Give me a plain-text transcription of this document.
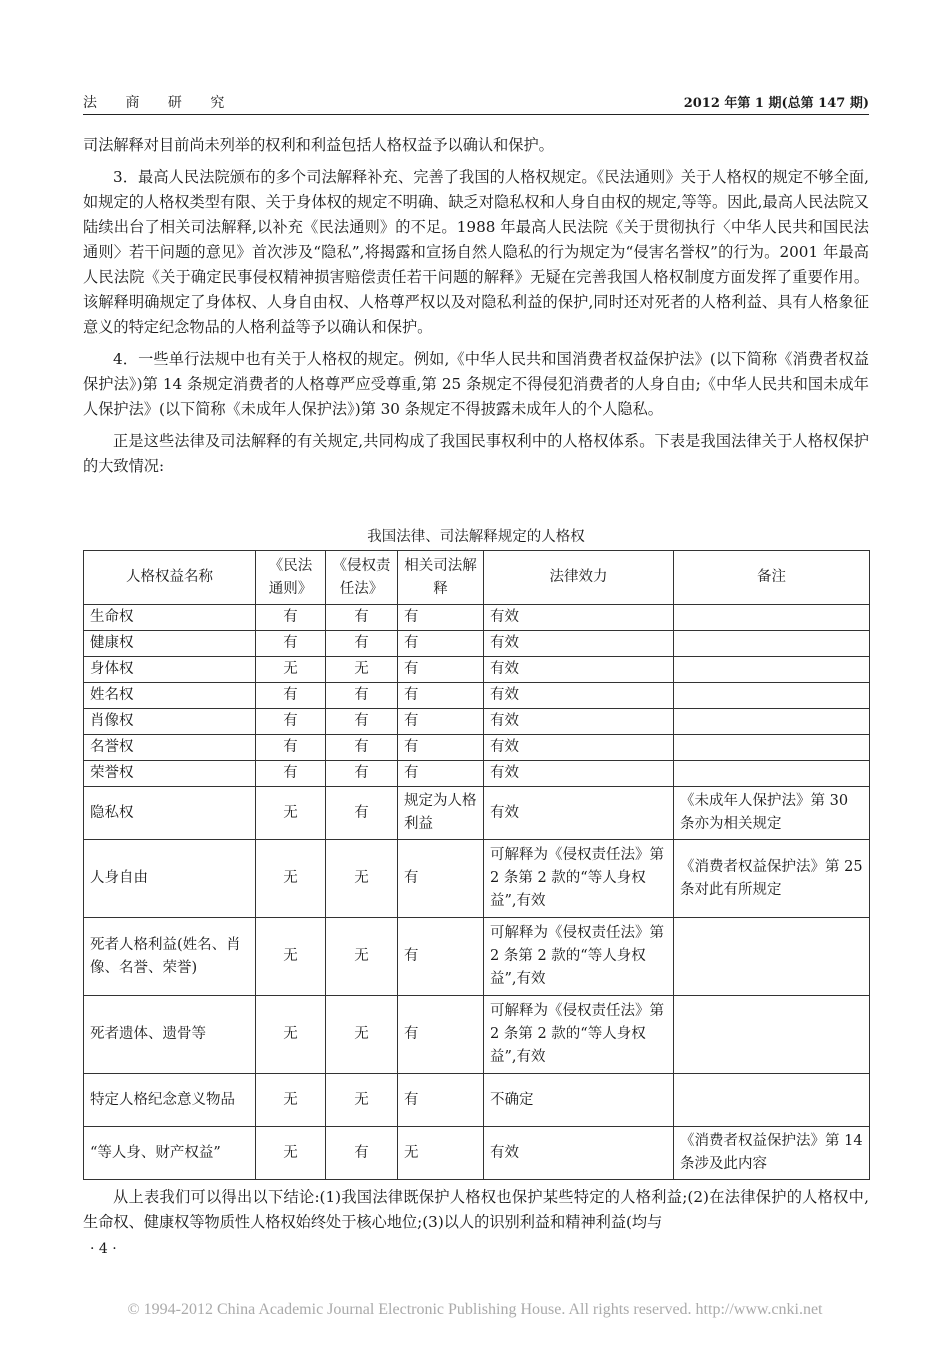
法 商 研 究	2012 年第 1 期(总第 147 期)

司法解释对目前尚未列举的权利和利益包括人格权益予以确认和保护。

3．最高人民法院颁布的多个司法解释补充、完善了我国的人格权规定。《民法通则》关于人格权的规定不够全面,如规定的人格权类型有限、关于身体权的规定不明确、缺乏对隐私权和人身自由权的规定,等等。因此,最高人民法院又陆续出台了相关司法解释,以补充《民法通则》的不足。1988 年最高人民法院《关于贯彻执行〈中华人民共和国民法通则〉若干问题的意见》首次涉及“隐私”,将揭露和宣扬自然人隐私的行为规定为“侵害名誉权”的行为。2001 年最高人民法院《关于确定民事侵权精神损害赔偿责任若干问题的解释》无疑在完善我国人格权制度方面发挥了重要作用。该解释明确规定了身体权、人身自由权、人格尊严权以及对隐私利益的保护,同时还对死者的人格利益、具有人格象征意义的特定纪念物品的人格利益等予以确认和保护。

4．一些单行法规中也有关于人格权的规定。例如,《中华人民共和国消费者权益保护法》(以下简称《消费者权益保护法》)第 14 条规定消费者的人格尊严应受尊重,第 25 条规定不得侵犯消费者的人身自由;《中华人民共和国未成年人保护法》(以下简称《未成年人保护法》)第 30 条规定不得披露未成年人的个人隐私。

正是这些法律及司法解释的有关规定,共同构成了我国民事权利中的人格权体系。下表是我国法律关于人格权保护的大致情况:

我国法律、司法解释规定的人格权
人格权益名称	《民法通则》	《侵权责任法》	相关司法解释	法律效力	备注
生命权	有	有	有	有效	
健康权	有	有	有	有效	
身体权	无	无	有	有效	
姓名权	有	有	有	有效	
肖像权	有	有	有	有效	
名誉权	有	有	有	有效	
荣誉权	有	有	有	有效	
隐私权	无	有	规定为人格利益	有效	《未成年人保护法》第 30 条亦为相关规定
人身自由	无	无	有	可解释为《侵权责任法》第 2 条第 2 款的“等人身权益”,有效	《消费者权益保护法》第 25 条对此有所规定
死者人格利益(姓名、肖像、名誉、荣誉)	无	无	有	可解释为《侵权责任法》第 2 条第 2 款的“等人身权益”,有效	
死者遗体、遗骨等	无	无	有	可解释为《侵权责任法》第 2 条第 2 款的“等人身权益”,有效	
特定人格纪念意义物品	无	无	有	不确定	
“等人身、财产权益”	无	有	无	有效	《消费者权益保护法》第 14 条涉及此内容

从上表我们可以得出以下结论:(1)我国法律既保护人格权也保护某些特定的人格利益;(2)在法律保护的人格权中,生命权、健康权等物质性人格权始终处于核心地位;(3)以人的识别利益和精神利益(均与

· 4 ·
© 1994-2012 China Academic Journal Electronic Publishing House. All rights reserved. http://www.cnki.net
